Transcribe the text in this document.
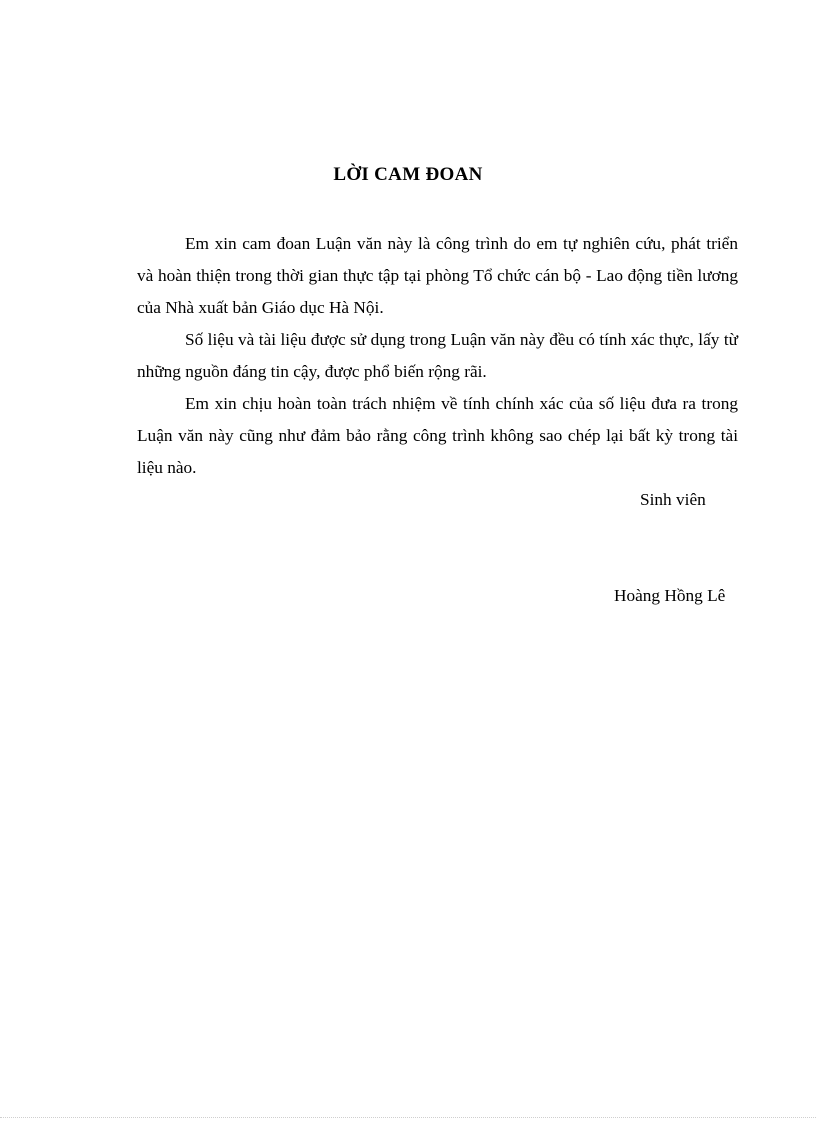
LỜI CAM ĐOAN

Em xin cam đoan Luận văn này là công trình do em tự nghiên cứu, phát triển và hoàn thiện trong thời gian thực tập tại phòng Tổ chức cán bộ - Lao động tiền lương của Nhà xuất bản Giáo dục Hà Nội.

Số liệu và tài liệu được sử dụng trong Luận văn này đều có tính xác thực, lấy từ những nguồn đáng tin cậy, được phổ biến rộng rãi.

Em xin chịu hoàn toàn trách nhiệm về tính chính xác của số liệu đưa ra trong Luận văn này cũng như đảm bảo rằng công trình không sao chép lại bất kỳ trong tài liệu nào.

Sinh viên
Hoàng Hồng Lê
